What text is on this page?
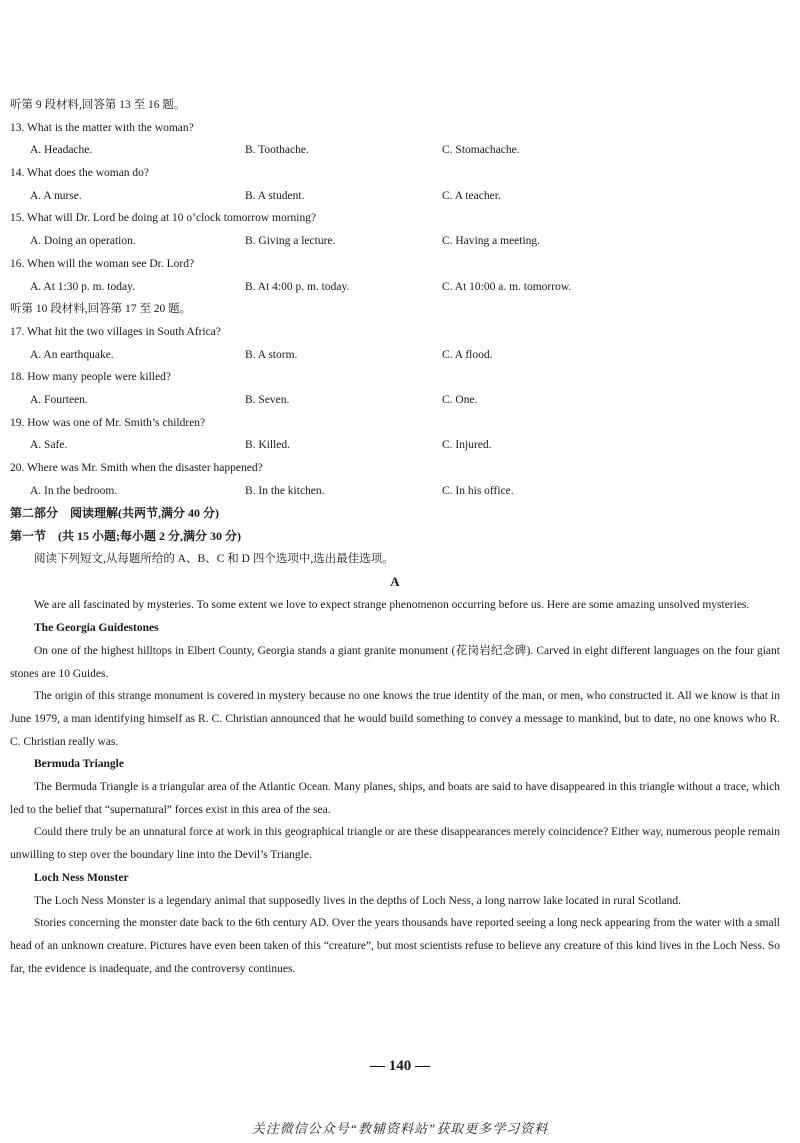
听第 9 段材料,回答第 13 至 16 题。
13. What is the matter with the woman?
A. Headache.	B. Toothache.	C. Stomachache.
14. What does the woman do?
A. A nurse.	B. A student.	C. A teacher.
15. What will Dr. Lord be doing at 10 o’clock tomorrow morning?
A. Doing an operation.	B. Giving a lecture.	C. Having a meeting.
16. When will the woman see Dr. Lord?
A. At 1:30 p. m. today.	B. At 4:00 p. m. today.	C. At 10:00 a. m. tomorrow.
听第 10 段材料,回答第 17 至 20 题。
17. What hit the two villages in South Africa?
A. An earthquake.	B. A storm.	C. A flood.
18. How many people were killed?
A. Fourteen.	B. Seven.	C. One.
19. How was one of Mr. Smith’s children?
A. Safe.	B. Killed.	C. Injured.
20. Where was Mr. Smith when the disaster happened?
A. In the bedroom.	B. In the kitchen.	C. In his office.
第二部分　阅读理解(共两节,满分 40 分)
第一节　(共 15 小题;每小题 2 分,满分 30 分)
阅读下列短文,从每题所给的 A、B、C 和 D 四个选项中,选出最佳选项。
A

We are all fascinated by mysteries. To some extent we love to expect strange phenomenon occurring before us. Here are some amazing unsolved mysteries.

The Georgia Guidestones

On one of the highest hilltops in Elbert County, Georgia stands a giant granite monument (花岗岩纪念碑). Carved in eight different languages on the four giant stones are 10 Guides.

The origin of this strange monument is covered in mystery because no one knows the true identity of the man, or men, who constructed it. All we know is that in June 1979, a man identifying himself as R. C. Christian announced that he would build something to convey a message to mankind, but to date, no one knows who R. C. Christian really was.

Bermuda Triangle

The Bermuda Triangle is a triangular area of the Atlantic Ocean. Many planes, ships, and boats are said to have disappeared in this triangle without a trace, which led to the belief that “supernatural” forces exist in this area of the sea.

Could there truly be an unnatural force at work in this geographical triangle or are these disappearances merely coincidence? Either way, numerous people remain unwilling to step over the boundary line into the Devil’s Triangle.

Loch Ness Monster

The Loch Ness Monster is a legendary animal that supposedly lives in the depths of Loch Ness, a long narrow lake located in rural Scotland.

Stories concerning the monster date back to the 6th century AD. Over the years thousands have reported seeing a long neck appearing from the water with a small head of an unknown creature. Pictures have even been taken of this “creature”, but most scientists refuse to believe any creature of this kind lives in the Loch Ness. So far, the evidence is inadequate, and the controversy continues.

— 140 —
关注微信公众号“教辅资料站”获取更多学习资料
